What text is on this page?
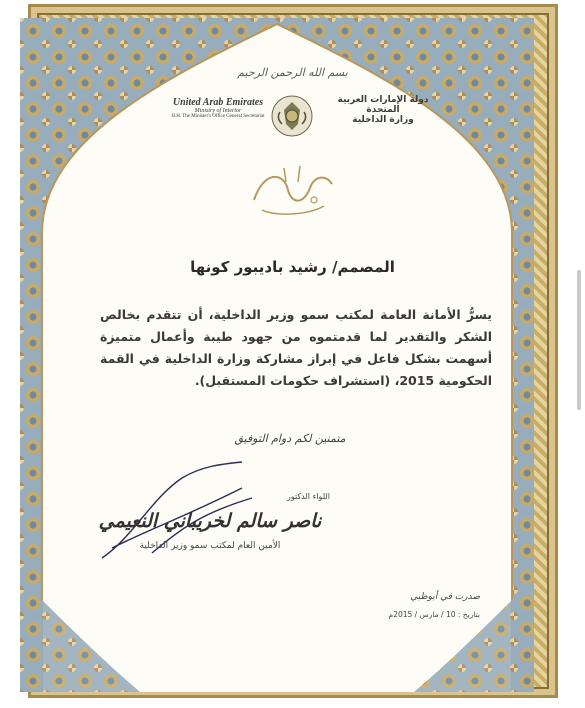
بسم الله الرحمن الرحيم
United Arab Emirates
Ministry of Interior
H.H. The Minister's Office General Secretariat
دولة الإمارات العربية المتحدة
وزارة الداخلية
شهادة شكر وتقدير
المصمم/ رشيد باديبور كونها
يسرُّ الأمانة العامة لمكتب سمو وزير الداخلية، أن تتقدم بخالص الشكر والتقدير لما قدمتموه من جهود طيبة وأعمال متميزة أسهمت بشكل فاعل في إبراز مشاركة وزارة الداخلية في القمة الحكومية 2015، (استشراف حكومات المستقبل).
متمنين لكم دوام التوفيق
اللواء الدكتور
ناصر سالم لخريباني النعيمي
الأمين العام لمكتب سمو وزير الداخلية
صدرت في أبوظبي
بتاريخ : 10 / مارس / 2015م
